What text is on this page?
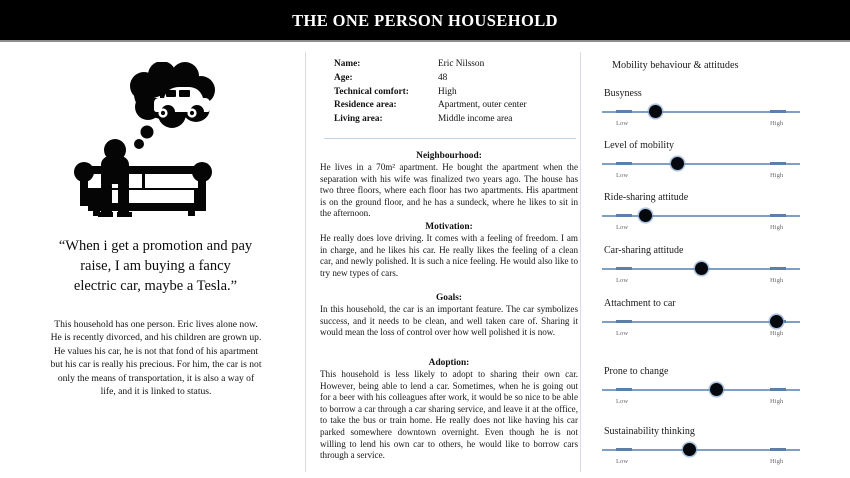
THE ONE PERSON HOUSEHOLD
“When i get a promotion and pay raise, I am buying a fancy electric car, maybe a Tesla.”
This household has one person. Eric lives alone now. He is recently divorced, and his children are grown up. He values his car, he is not that fond of his apartment but his car is really his precious. For him, the car is not only the means of transportation, it is also a way of life, and it is linked to status.
Name:	Eric Nilsson
Age:	48
Technical comfort:	High
Residence area:	Apartment, outer center
Living area:	Middle income area
Neighbourhood:

He lives in a 70m² apartment. He bought the apartment when the separation with his wife was finalized two years ago. The house has two three floors, where each floor has two apartments. His apartment is on the ground floor, and he has a sundeck, where he likes to sit in the afternoon.

Motivation:

He really does love driving. It comes with a feeling of freedom. I am in charge, and he likes his car. He really likes the feeling of a clean car, and newly polished. It is such a nice feeling. He would also like to try new types of cars.

Goals:

In this household, the car is an important feature. The car symbolizes success, and it needs to be clean, and well taken care of. Sharing it would mean the loss of control over how well polished it is now.

Adoption:

This household is less likely to adopt to sharing their own car. However, being able to lend a car. Sometimes, when he is going out for a beer with his colleagues after work, it would be so nice to be able to borrow a car through a car sharing service, and leave it at the office, to take the bus or train home. He really does not like having his car parked somewhere downtown overnight. Even though he is not willing to lend his own car to others, he would like to borrow cars through a service.

Mobility behaviour & attitudes
Busyness
Low	High
Level of mobility
Low	High
Ride-sharing attitude
Low	High
Car-sharing attitude
Low	High
Attachment to car
Low	High
Prone to change
Low	High
Sustainability thinking
Low	High
